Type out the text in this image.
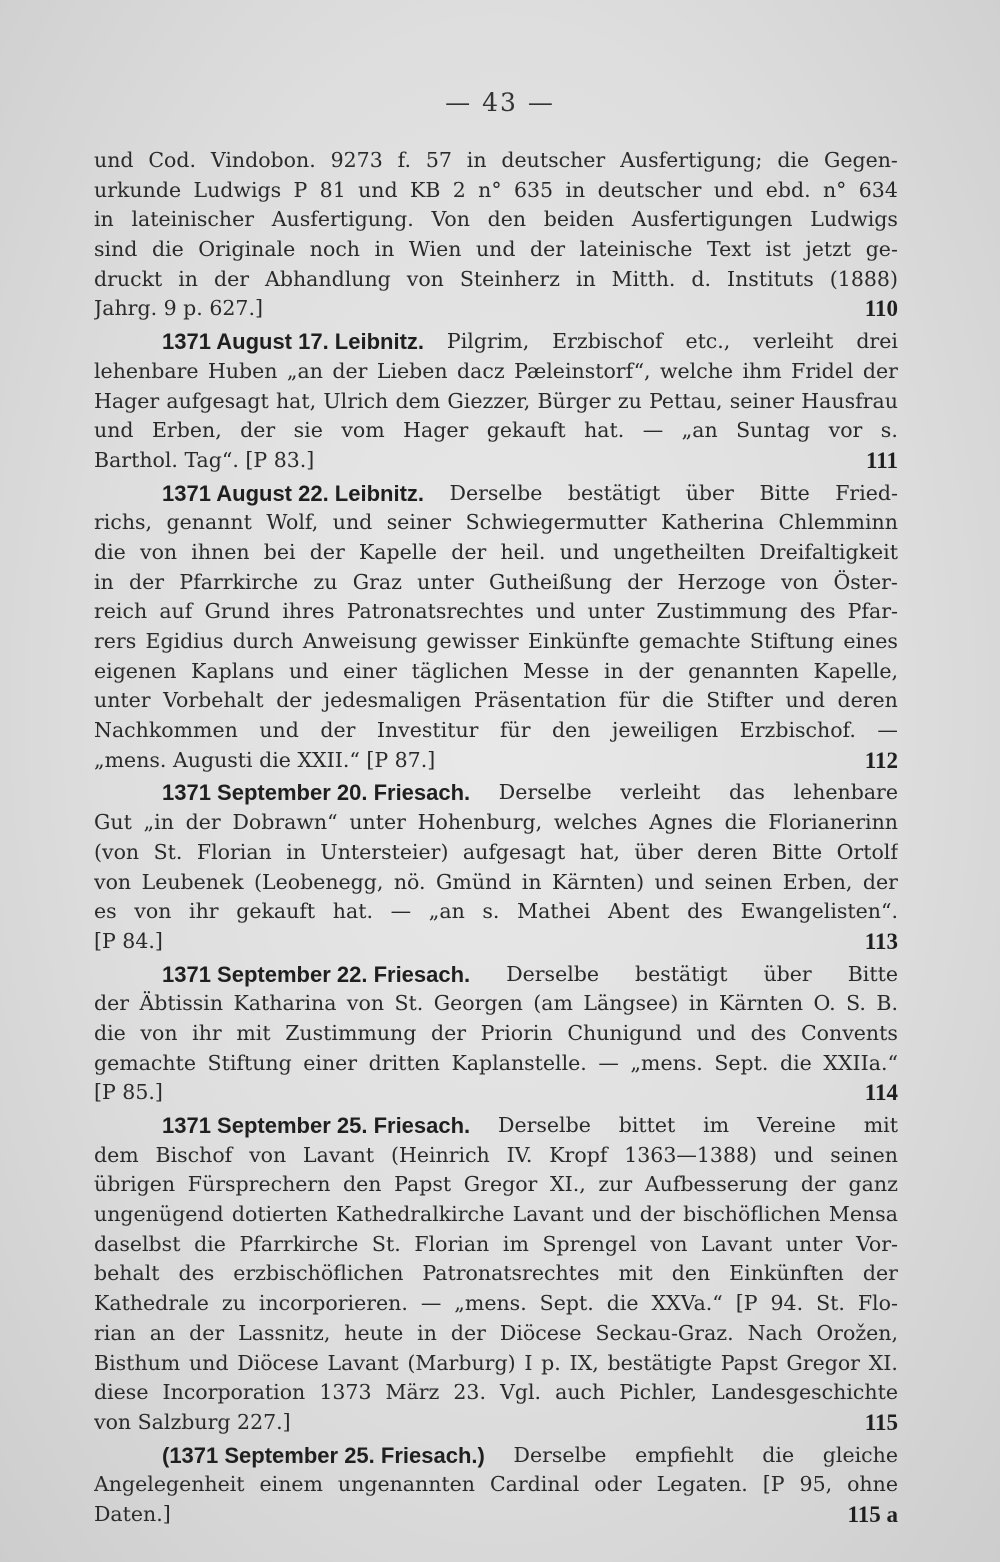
— 43 —
und Cod. Vindobon. 9273 f. 57 in deutscher Ausfertigung; die Gegen-
urkunde Ludwigs P 81 und KB 2 n° 635 in deutscher und ebd. n° 634
in lateinischer Ausfertigung. Von den beiden Ausfertigungen Ludwigs
sind die Originale noch in Wien und der lateinische Text ist jetzt ge-
druckt in der Abhandlung von Steinherz in Mitth. d. Instituts (1888)
Jahrg. 9 p. 627.]	110
1371 August 17. Leibnitz. Pilgrim, Erzbischof etc., verleiht drei
lehenbare Huben „an der Lieben dacz Pæleinstorf“, welche ihm Fridel der
Hager aufgesagt hat, Ulrich dem Giezzer, Bürger zu Pettau, seiner Hausfrau
und Erben, der sie vom Hager gekauft hat. — „an Suntag vor s.
Barthol. Tag“. [P 83.]	111
1371 August 22. Leibnitz. Derselbe bestätigt über Bitte Fried-
richs, genannt Wolf, und seiner Schwiegermutter Katherina Chlemminn
die von ihnen bei der Kapelle der heil. und ungetheilten Dreifaltigkeit
in der Pfarrkirche zu Graz unter Gutheißung der Herzoge von Öster-
reich auf Grund ihres Patronatsrechtes und unter Zustimmung des Pfar-
rers Egidius durch Anweisung gewisser Einkünfte gemachte Stiftung eines
eigenen Kaplans und einer täglichen Messe in der genannten Kapelle,
unter Vorbehalt der jedesmaligen Präsentation für die Stifter und deren
Nachkommen und der Investitur für den jeweiligen Erzbischof. —
„mens. Augusti die XXII.“ [P 87.]	112
1371 September 20. Friesach. Derselbe verleiht das lehenbare
Gut „in der Dobrawn“ unter Hohenburg, welches Agnes die Florianerinn
(von St. Florian in Untersteier) aufgesagt hat, über deren Bitte Ortolf
von Leubenek (Leobenegg, nö. Gmünd in Kärnten) und seinen Erben, der
es von ihr gekauft hat. — „an s. Mathei Abent des Ewangelisten“.
[P 84.]	113
1371 September 22. Friesach. Derselbe bestätigt über Bitte
der Äbtissin Katharina von St. Georgen (am Längsee) in Kärnten O. S. B.
die von ihr mit Zustimmung der Priorin Chunigund und des Convents
gemachte Stiftung einer dritten Kaplanstelle. — „mens. Sept. die XXIIa.“
[P 85.]	114
1371 September 25. Friesach. Derselbe bittet im Vereine mit
dem Bischof von Lavant (Heinrich IV. Kropf 1363—1388) und seinen
übrigen Fürsprechern den Papst Gregor XI., zur Aufbesserung der ganz
ungenügend dotierten Kathedralkirche Lavant und der bischöflichen Mensa
daselbst die Pfarrkirche St. Florian im Sprengel von Lavant unter Vor-
behalt des erzbischöflichen Patronatsrechtes mit den Einkünften der
Kathedrale zu incorporieren. — „mens. Sept. die XXVa.“ [P 94. St. Flo-
rian an der Lassnitz, heute in der Diöcese Seckau-Graz. Nach Orožen,
Bisthum und Diöcese Lavant (Marburg) I p. IX, bestätigte Papst Gregor XI.
diese Incorporation 1373 März 23. Vgl. auch Pichler, Landesgeschichte
von Salzburg 227.]	115
(1371 September 25. Friesach.) Derselbe empfiehlt die gleiche
Angelegenheit einem ungenannten Cardinal oder Legaten. [P 95, ohne
Daten.]	115 a
